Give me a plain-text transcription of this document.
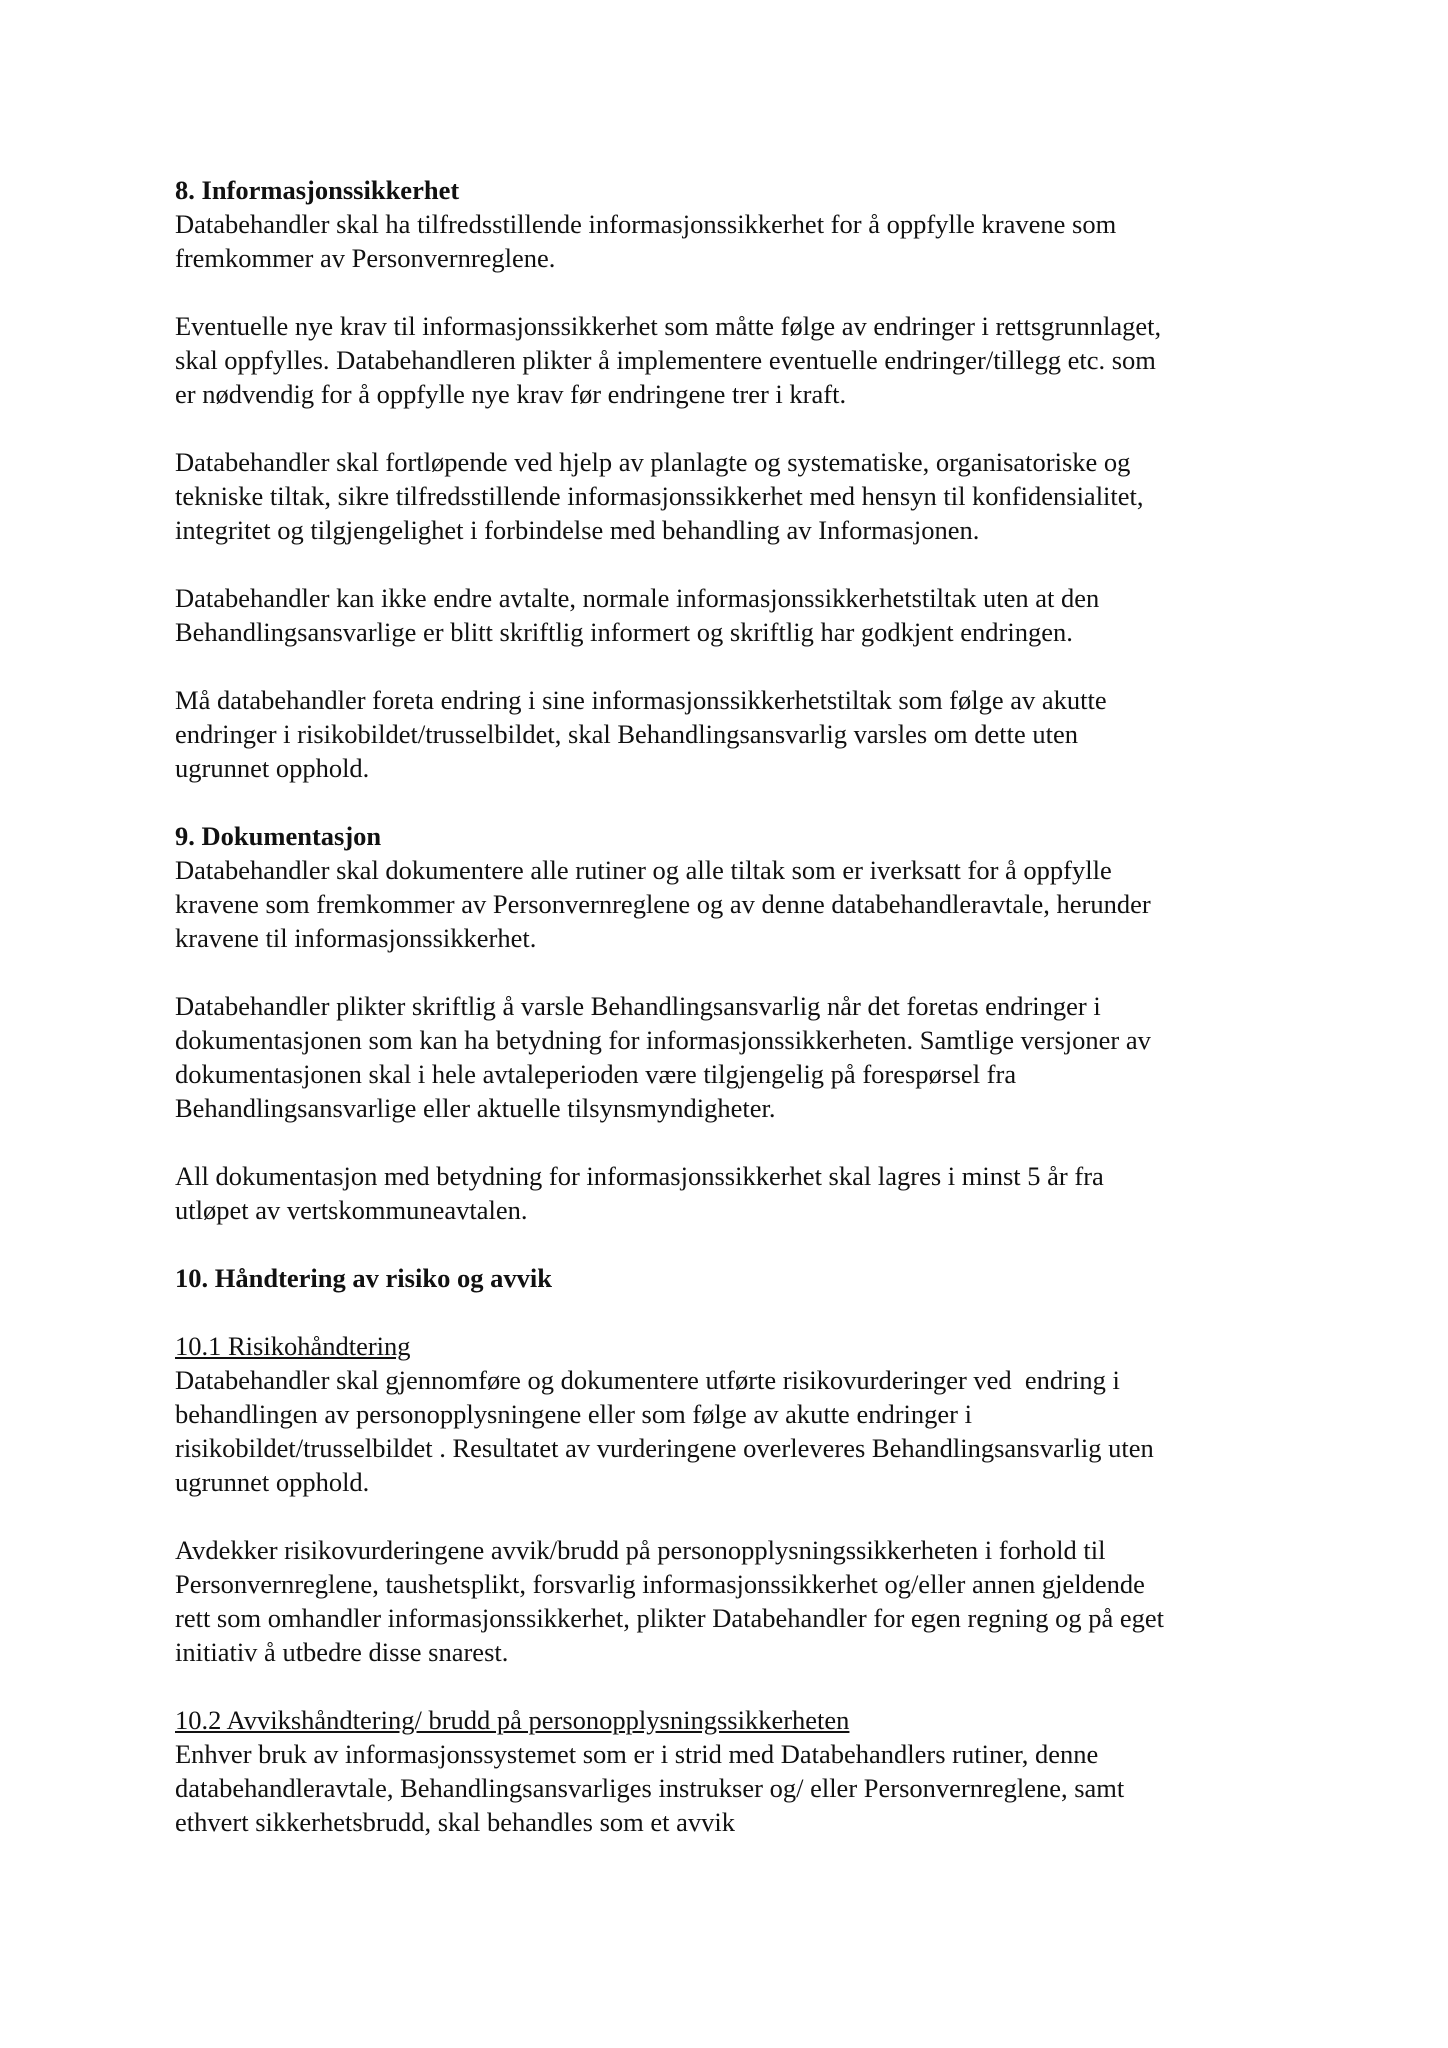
8. Informasjonssikkerhet

Databehandler skal ha tilfredsstillende informasjonssikkerhet for å oppfylle kravene som
fremkommer av Personvernreglene.

Eventuelle nye krav til informasjonssikkerhet som måtte følge av endringer i rettsgrunnlaget,
skal oppfylles. Databehandleren plikter å implementere eventuelle endringer/tillegg etc. som
er nødvendig for å oppfylle nye krav før endringene trer i kraft.

Databehandler skal fortløpende ved hjelp av planlagte og systematiske, organisatoriske og
tekniske tiltak, sikre tilfredsstillende informasjonssikkerhet med hensyn til konfidensialitet,
integritet og tilgjengelighet i forbindelse med behandling av Informasjonen.

Databehandler kan ikke endre avtalte, normale informasjonssikkerhetstiltak uten at den
Behandlingsansvarlige er blitt skriftlig informert og skriftlig har godkjent endringen.

Må databehandler foreta endring i sine informasjonssikkerhetstiltak som følge av akutte
endringer i risikobildet/trusselbildet, skal Behandlingsansvarlig varsles om dette uten
ugrunnet opphold.

9. Dokumentasjon

Databehandler skal dokumentere alle rutiner og alle tiltak som er iverksatt for å oppfylle
kravene som fremkommer av Personvernreglene og av denne databehandleravtale, herunder
kravene til informasjonssikkerhet.

Databehandler plikter skriftlig å varsle Behandlingsansvarlig når det foretas endringer i
dokumentasjonen som kan ha betydning for informasjonssikkerheten. Samtlige versjoner av
dokumentasjonen skal i hele avtaleperioden være tilgjengelig på forespørsel fra
Behandlingsansvarlige eller aktuelle tilsynsmyndigheter.

All dokumentasjon med betydning for informasjonssikkerhet skal lagres i minst 5 år fra
utløpet av vertskommuneavtalen.

10. Håndtering av risiko og avvik

10.1 Risikohåndtering

Databehandler skal gjennomføre og dokumentere utførte risikovurderinger ved  endring i
behandlingen av personopplysningene eller som følge av akutte endringer i
risikobildet/trusselbildet . Resultatet av vurderingene overleveres Behandlingsansvarlig uten
ugrunnet opphold.

Avdekker risikovurderingene avvik/brudd på personopplysningssikkerheten i forhold til
Personvernreglene, taushetsplikt, forsvarlig informasjonssikkerhet og/eller annen gjeldende
rett som omhandler informasjonssikkerhet, plikter Databehandler for egen regning og på eget
initiativ å utbedre disse snarest.

10.2 Avvikshåndtering/ brudd på personopplysningssikkerheten

Enhver bruk av informasjonssystemet som er i strid med Databehandlers rutiner, denne
databehandleravtale, Behandlingsansvarliges instrukser og/ eller Personvernreglene, samt
ethvert sikkerhetsbrudd, skal behandles som et avvik
